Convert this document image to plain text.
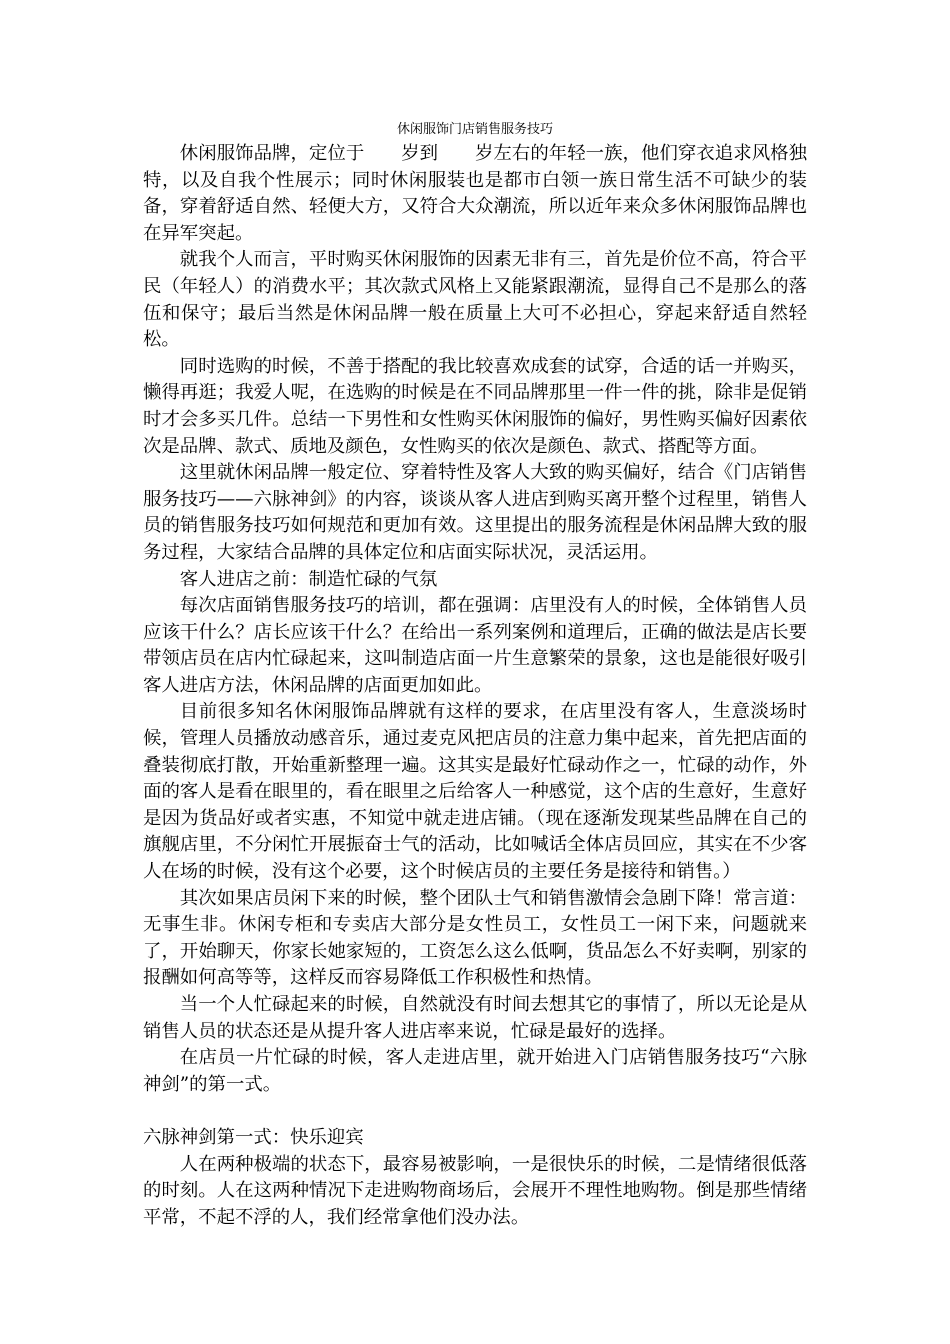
休闲服饰门店销售服务技巧

休闲服饰品牌，定位于　　岁到　　岁左右的年轻一族，他们穿衣追求风格独特，以及自我个性展示；同时休闲服装也是都市白领一族日常生活不可缺少的装备，穿着舒适自然、轻便大方，又符合大众潮流，所以近年来众多休闲服饰品牌也在异军突起。

就我个人而言，平时购买休闲服饰的因素无非有三，首先是价位不高，符合平民（年轻人）的消费水平；其次款式风格上又能紧跟潮流，显得自己不是那么的落伍和保守；最后当然是休闲品牌一般在质量上大可不必担心，穿起来舒适自然轻松。

同时选购的时候，不善于搭配的我比较喜欢成套的试穿，合适的话一并购买，懒得再逛；我爱人呢，在选购的时候是在不同品牌那里一件一件的挑，除非是促销时才会多买几件。总结一下男性和女性购买休闲服饰的偏好，男性购买偏好因素依次是品牌、款式、质地及颜色，女性购买的依次是颜色、款式、搭配等方面。

这里就休闲品牌一般定位、穿着特性及客人大致的购买偏好，结合《门店销售服务技巧——六脉神剑》的内容，谈谈从客人进店到购买离开整个过程里，销售人员的销售服务技巧如何规范和更加有效。这里提出的服务流程是休闲品牌大致的服务过程，大家结合品牌的具体定位和店面实际状况，灵活运用。

客人进店之前：制造忙碌的气氛

每次店面销售服务技巧的培训，都在强调：店里没有人的时候，全体销售人员应该干什么？店长应该干什么？在给出一系列案例和道理后，正确的做法是店长要带领店员在店内忙碌起来，这叫制造店面一片生意繁荣的景象，这也是能很好吸引客人进店方法，休闲品牌的店面更加如此。

目前很多知名休闲服饰品牌就有这样的要求，在店里没有客人，生意淡场时候，管理人员播放动感音乐，通过麦克风把店员的注意力集中起来，首先把店面的叠装彻底打散，开始重新整理一遍。这其实是最好忙碌动作之一，忙碌的动作，外面的客人是看在眼里的，看在眼里之后给客人一种感觉，这个店的生意好，生意好是因为货品好或者实惠，不知觉中就走进店铺。（现在逐渐发现某些品牌在自己的旗舰店里，不分闲忙开展振奋士气的活动，比如喊话全体店员回应，其实在不少客人在场的时候，没有这个必要，这个时候店员的主要任务是接待和销售。）

其次如果店员闲下来的时候，整个团队士气和销售激情会急剧下降！常言道：无事生非。休闲专柜和专卖店大部分是女性员工，女性员工一闲下来，问题就来了，开始聊天，你家长她家短的，工资怎么这么低啊，货品怎么不好卖啊，别家的报酬如何高等等，这样反而容易降低工作积极性和热情。

当一个人忙碌起来的时候，自然就没有时间去想其它的事情了，所以无论是从销售人员的状态还是从提升客人进店率来说，忙碌是最好的选择。

在店员一片忙碌的时候，客人走进店里，就开始进入门店销售服务技巧“六脉神剑”的第一式。

六脉神剑第一式：快乐迎宾

人在两种极端的状态下，最容易被影响，一是很快乐的时候，二是情绪很低落的时刻。人在这两种情况下走进购物商场后，会展开不理性地购物。倒是那些情绪平常，不起不浮的人，我们经常拿他们没办法。
